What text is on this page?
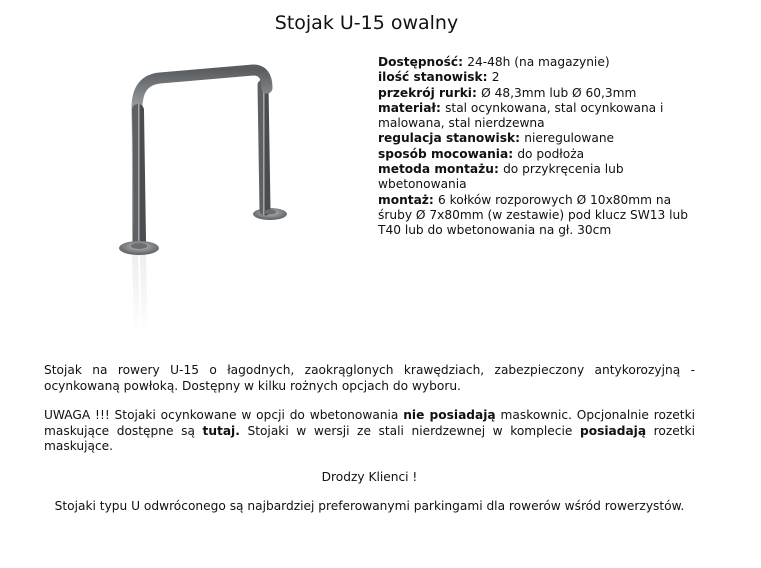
Stojak U-15 owalny

Dostępność: 24-48h (na magazynie)

ilość stanowisk: 2

przekrój rurki: Ø 48,3mm lub Ø 60,3mm

materiał: stal ocynkowana, stal ocynkowana i malowana, stal nierdzewna

regulacja stanowisk: nieregulowane

sposób mocowania: do podłoża

metoda montażu: do przykręcenia lub wbetonowania

montaż: 6 kołków rozporowych Ø 10x80mm na śruby Ø 7x80mm (w zestawie) pod klucz SW13 lub T40 lub do wbetonowania na gł. 30cm

Stojak na rowery U-15 o łagodnych, zaokrąglonych krawędziach, zabezpieczony antykorozyjną - ocynkowaną powłoką. Dostępny w kilku rożnych opcjach do wyboru.

UWAGA !!! Stojaki ocynkowane w opcji do wbetonowania nie posiadają maskownic. Opcjonalnie rozetki maskujące dostępne są tutaj. Stojaki w wersji ze stali nierdzewnej w komplecie posiadają rozetki maskujące.

Drodzy Klienci !

Stojaki typu U odwróconego są najbardziej preferowanymi parkingami dla rowerów wśród rowerzystów.
